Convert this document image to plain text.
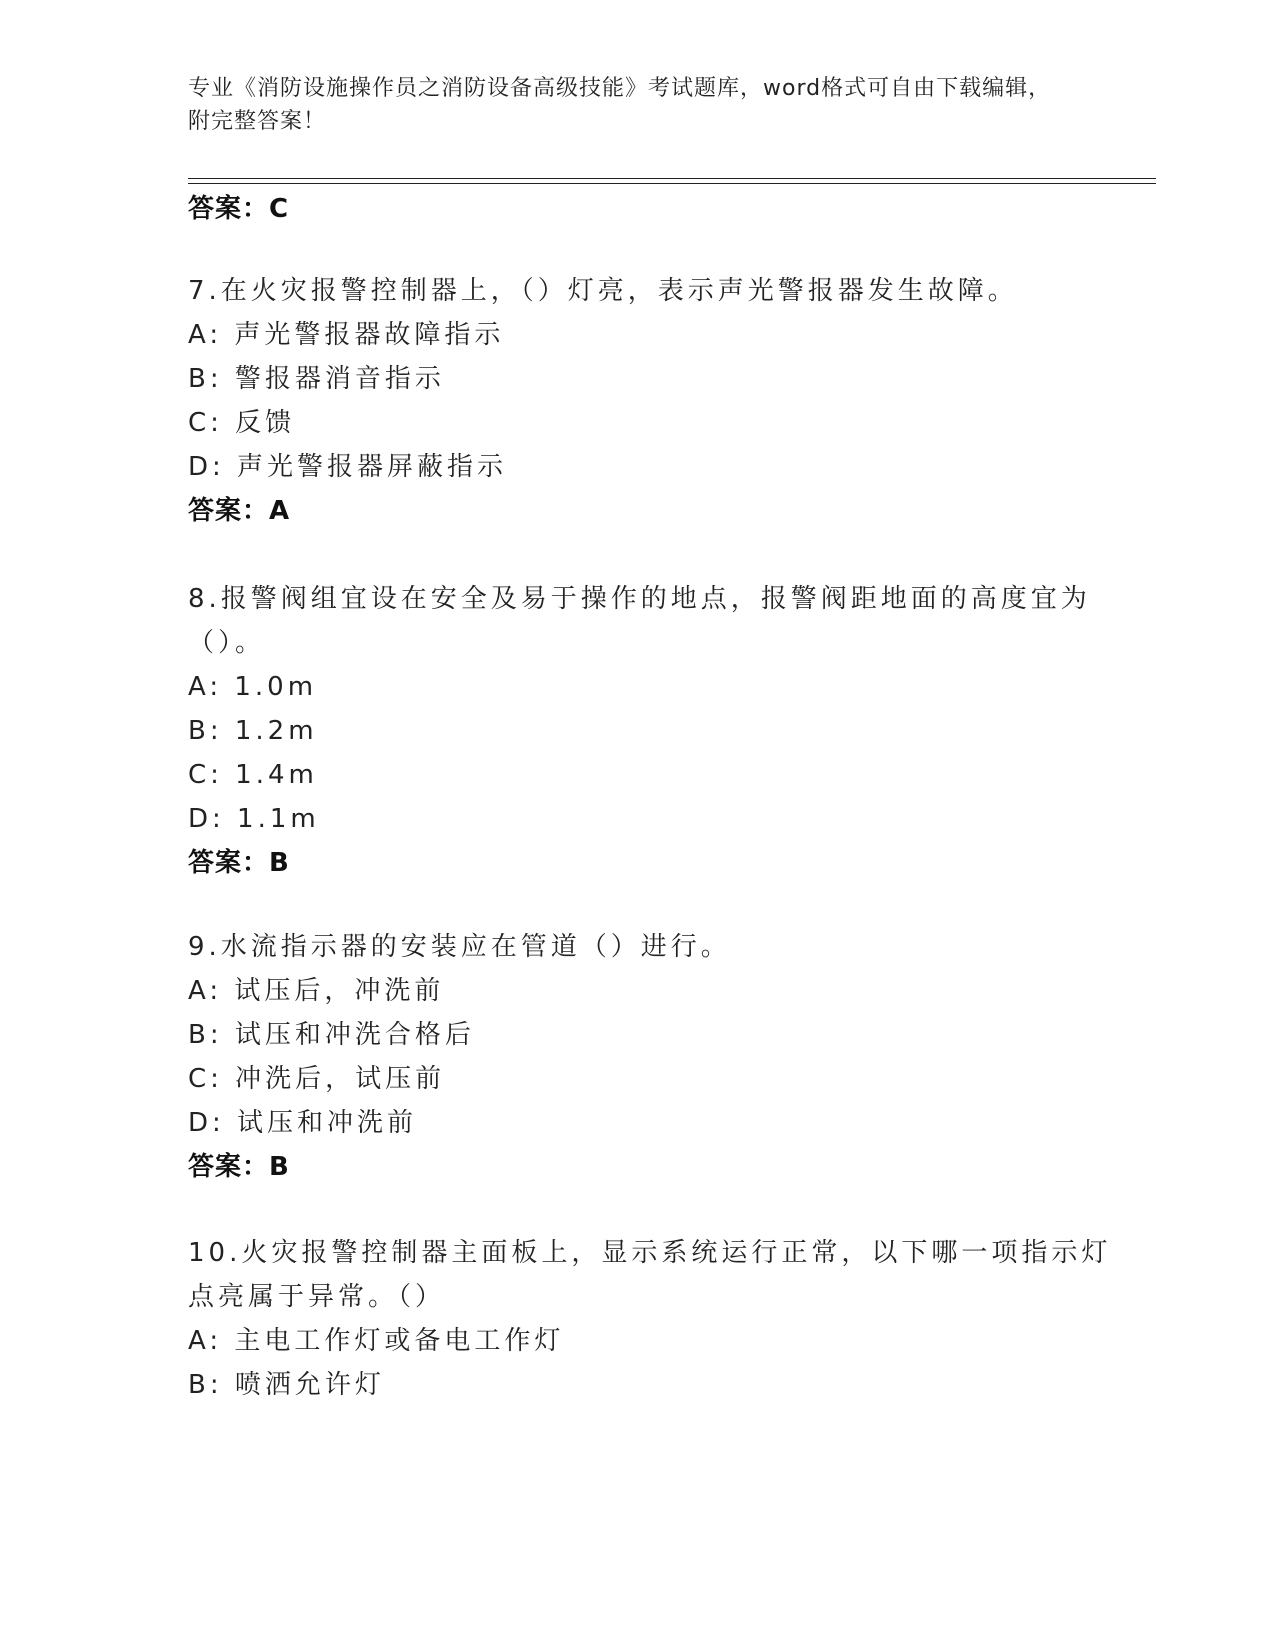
专业《消防设施操作员之消防设备高级技能》考试题库，word格式可自由下载编辑，附完整答案！
答案：C
7.在火灾报警控制器上，（）灯亮，表示声光警报器发生故障。
A: 声光警报器故障指示
B: 警报器消音指示
C: 反馈
D: 声光警报器屏蔽指示
答案：A
8.报警阀组宜设在安全及易于操作的地点，报警阀距地面的高度宜为
（）。
A: 1.0m
B: 1.2m
C: 1.4m
D: 1.1m
答案：B
9.水流指示器的安装应在管道（）进行。
A: 试压后，冲洗前
B: 试压和冲洗合格后
C: 冲洗后，试压前
D: 试压和冲洗前
答案：B
10.火灾报警控制器主面板上，显示系统运行正常，以下哪一项指示灯
点亮属于异常。（）
A: 主电工作灯或备电工作灯
B: 喷洒允许灯
